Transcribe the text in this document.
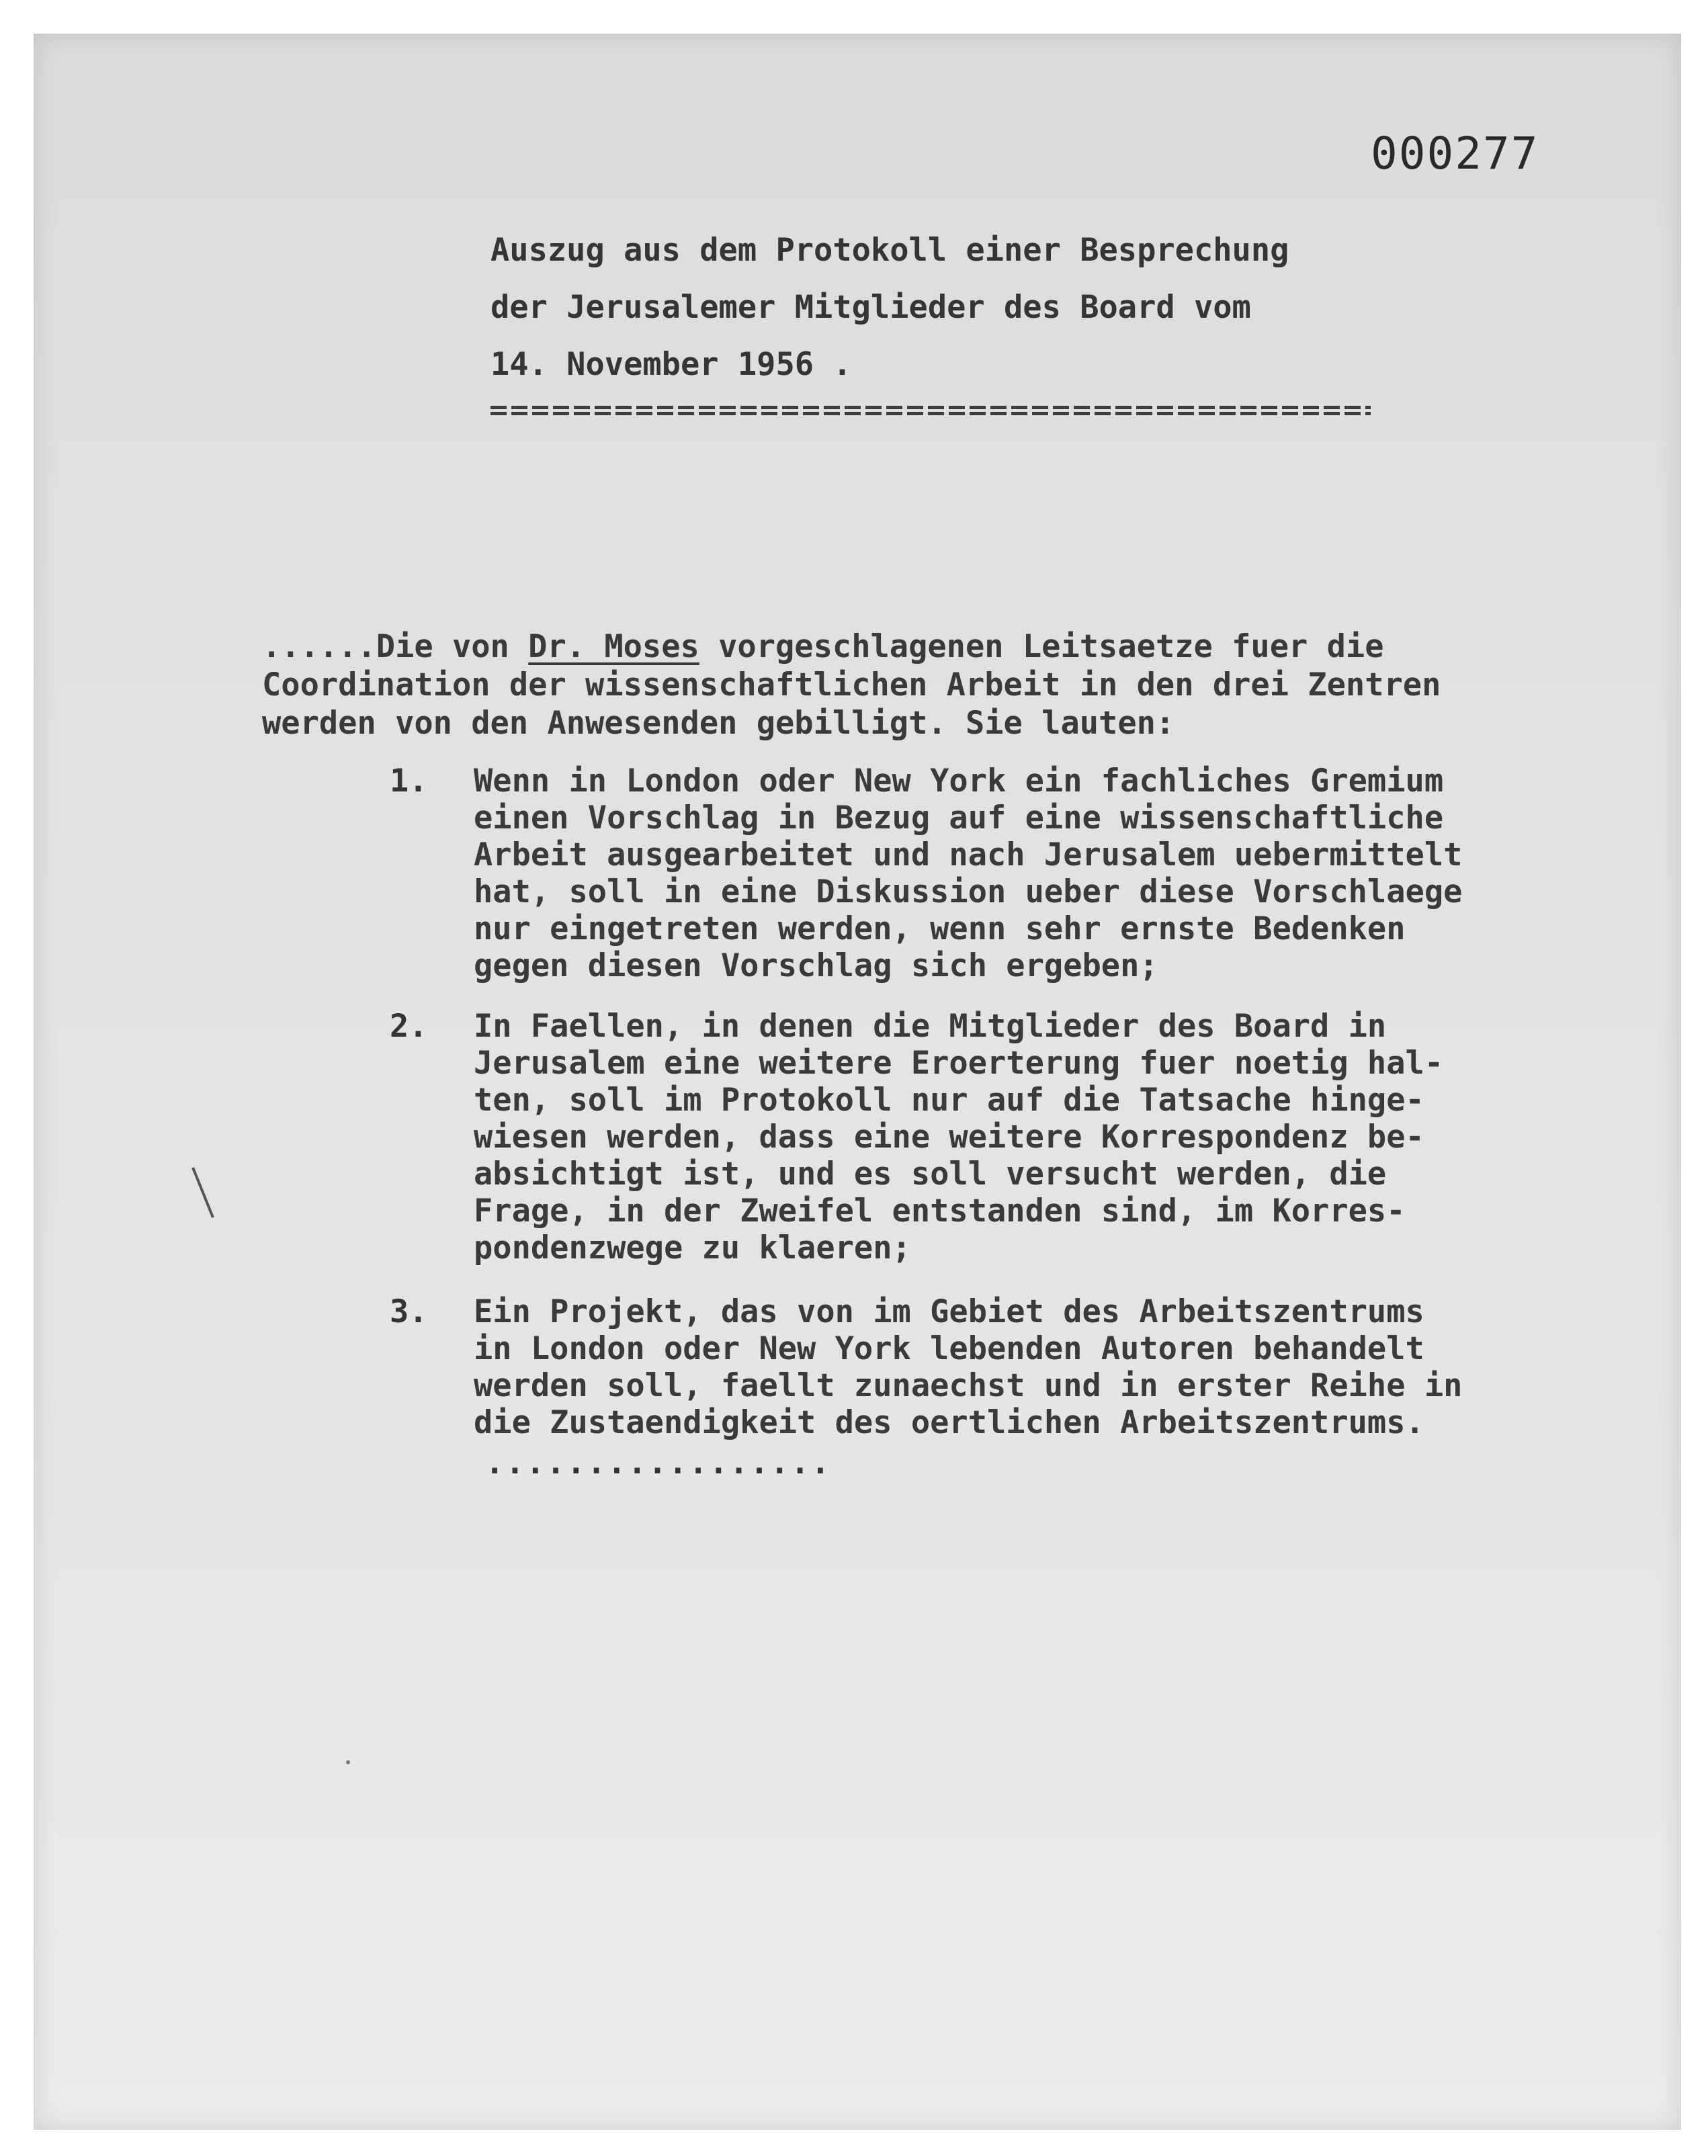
000277
Auszug aus dem Protokoll einer Besprechung
der Jerusalemer Mitglieder des Board vom
14. November 1956 .
......Die von Dr. Moses vorgeschlagenen Leitsaetze fuer die
Coordination der wissenschaftlichen Arbeit in den drei Zentren
werden von den Anwesenden gebilligt. Sie lauten:
1. Wenn in London oder New York ein fachliches Gremium
einen Vorschlag in Bezug auf eine wissenschaftliche
Arbeit ausgearbeitet und nach Jerusalem uebermittelt
hat, soll in eine Diskussion ueber diese Vorschlaege
nur eingetreten werden, wenn sehr ernste Bedenken
gegen diesen Vorschlag sich ergeben;
2. In Faellen, in denen die Mitglieder des Board in
Jerusalem eine weitere Eroerterung fuer noetig hal-
ten, soll im Protokoll nur auf die Tatsache hinge-
wiesen werden, dass eine weitere Korrespondenz be-
absichtigt ist, und es soll versucht werden, die
Frage, in der Zweifel entstanden sind, im Korres-
pondenzwege zu klaeren;
3. Ein Projekt, das von im Gebiet des Arbeitszentrums
in London oder New York lebenden Autoren behandelt
werden soll, faellt zunaechst und in erster Reihe in
die Zustaendigkeit des oertlichen Arbeitszentrums.
.................
